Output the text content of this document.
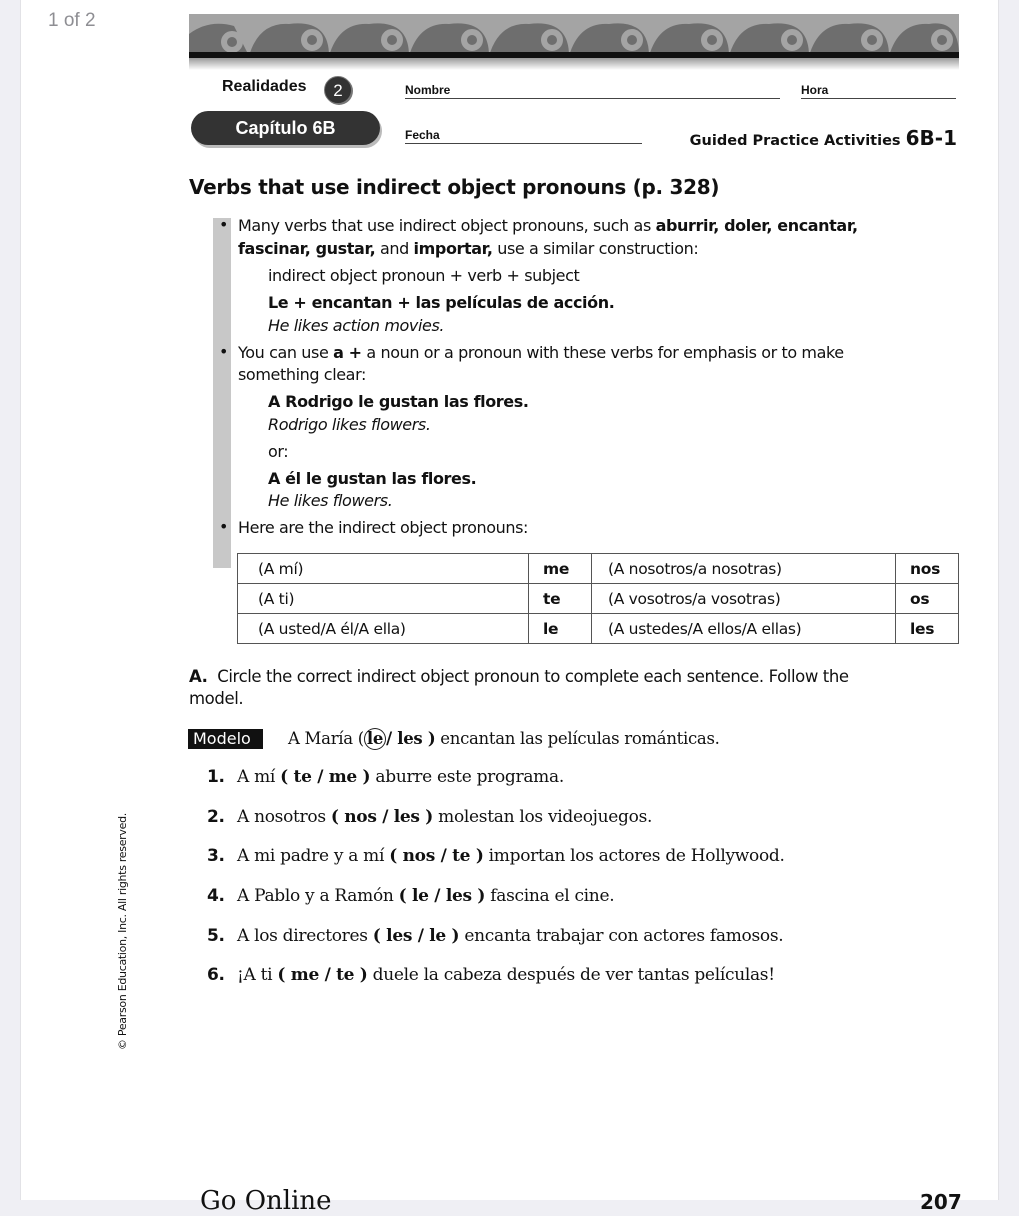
1 of 2
Realidades	2
Capítulo 6B
Nombre	Hora
Fecha	Guided Practice Activities 6B-1
Verbs that use indirect object pronouns (p. 328)
• Many verbs that use indirect object pronouns, such as aburrir, doler, encantar,
fascinar, gustar, and importar, use a similar construction:
indirect object pronoun + verb + subject
Le + encantan + las películas de acción.
He likes action movies.
• You can use a + a noun or a pronoun with these verbs for emphasis or to make
something clear:
A Rodrigo le gustan las flores.
Rodrigo likes flowers.
or:
A él le gustan las flores.
He likes flowers.
• Here are the indirect object pronouns:
(A mí)	me	(A nosotros/a nosotras)	nos
(A ti)	te	(A vosotros/a vosotras)	os
(A usted/A él/A ella)	le	(A ustedes/A ellos/A ellas)	les
A. Circle the correct indirect object pronoun to complete each sentence. Follow the
model.
Modelo	A María ( le / les ) encantan las películas románticas.
1. A mí ( te / me ) aburre este programa.
2. A nosotros ( nos / les ) molestan los videojuegos.
3. A mi padre y a mí ( nos / te ) importan los actores de Hollywood.
4. A Pablo y a Ramón ( le / les ) fascina el cine.
5. A los directores ( les / le ) encanta trabajar con actores famosos.
6. ¡A ti ( me / te ) duele la cabeza después de ver tantas películas!
© Pearson Education, Inc. All rights reserved.
Go Online	207
